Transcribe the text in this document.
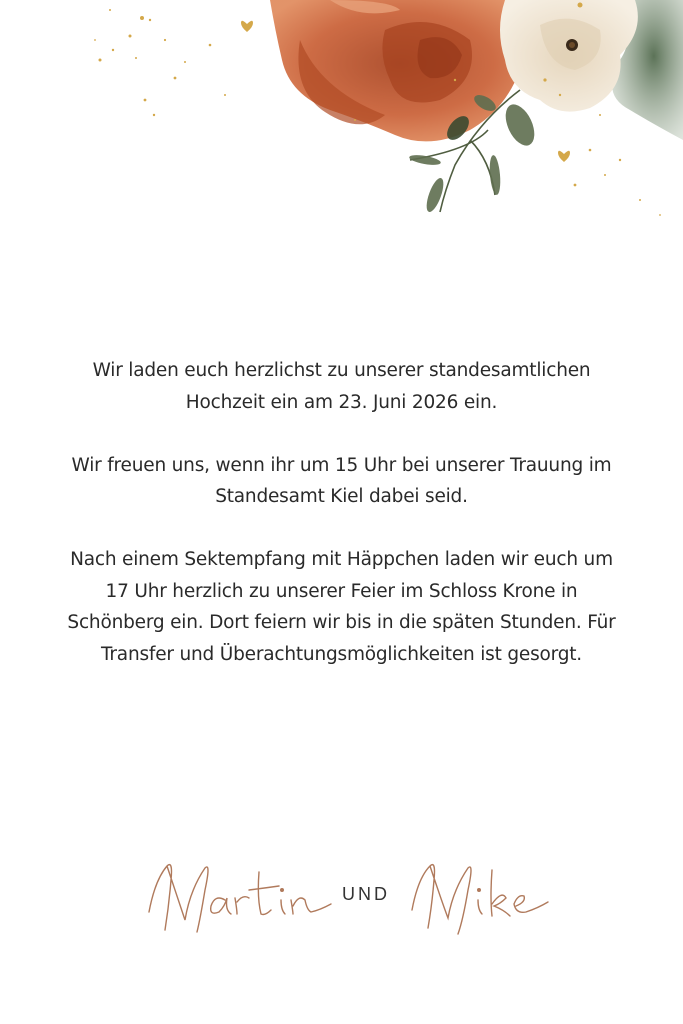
Wir laden euch herzlichst zu unserer standesamtlichen
Hochzeit ein am 23. Juni 2026 ein.

Wir freuen uns, wenn ihr um 15 Uhr bei unserer Trauung im
Standesamt Kiel dabei seid.

Nach einem Sektempfang mit Häppchen laden wir euch um
17 Uhr herzlich zu unserer Feier im Schloss Krone in
Schönberg ein. Dort feiern wir bis in die späten Stunden. Für
Transfer und Überachtungsmöglichkeiten ist gesorgt.

UND
